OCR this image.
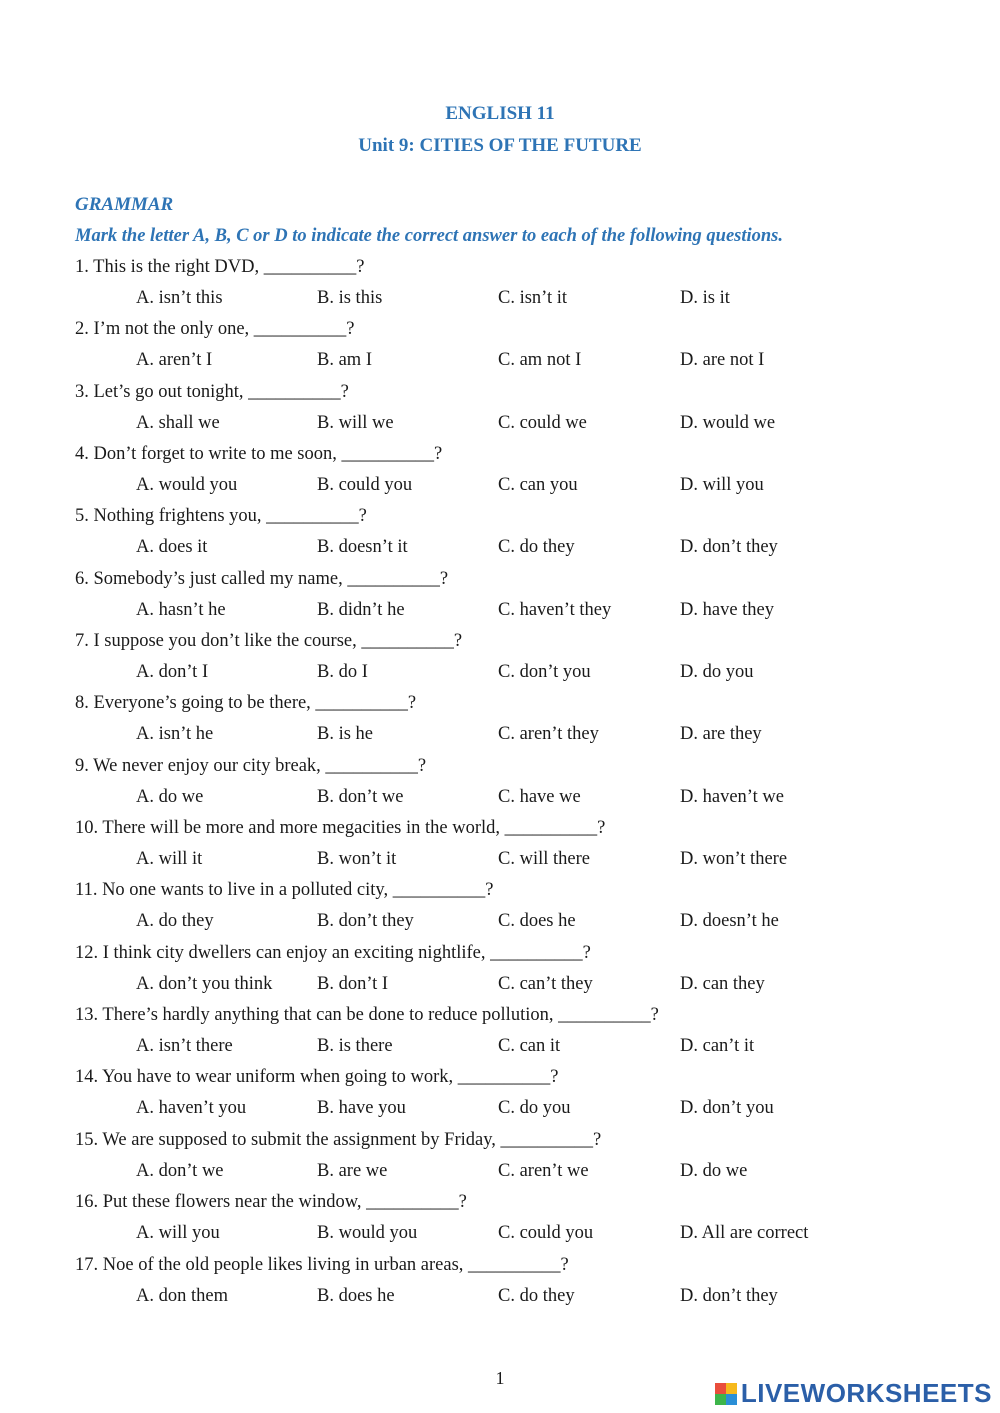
ENGLISH 11
Unit 9: CITIES OF THE FUTURE
GRAMMAR
Mark the letter A, B, C or D to indicate the correct answer to each of the following questions.
1. This is the right DVD, __________?
A. isn’t this	B. is this	C. isn’t it	D. is it
2. I’m not the only one, __________?
A. aren’t I	B. am I	C. am not I	D. are not I
3. Let’s go out tonight, __________?
A. shall we	B. will we	C. could we	D. would we
4. Don’t forget to write to me soon, __________?
A. would you	B. could you	C. can you	D. will you
5. Nothing frightens you, __________?
A. does it	B. doesn’t it	C. do they	D. don’t they
6. Somebody’s just called my name, __________?
A. hasn’t he	B. didn’t he	C. haven’t they	D. have they
7. I suppose you don’t like the course, __________?
A. don’t I	B. do I	C. don’t you	D. do you
8. Everyone’s going to be there, __________?
A. isn’t he	B. is he	C. aren’t they	D. are they
9. We never enjoy our city break, __________?
A. do we	B. don’t we	C. have we	D. haven’t we
10. There will be more and more megacities in the world, __________?
A. will it	B. won’t it	C. will there	D. won’t there
11. No one wants to live in a polluted city, __________?
A. do they	B. don’t they	C. does he	D. doesn’t he
12. I think city dwellers can enjoy an exciting nightlife, __________?
A. don’t you think B. don’t I	C. can’t they	D. can they
13. There’s hardly anything that can be done to reduce pollution, __________?
A. isn’t there	B. is there	C. can it	D. can’t it
14. You have to wear uniform when going to work, __________?
A. haven’t you	B. have you	C. do you	D. don’t you
15. We are supposed to submit the assignment by Friday, __________?
A. don’t we	B. are we	C. aren’t we	D. do we
16. Put these flowers near the window, __________?
A. will you	B. would you	C. could you	D. All are correct
17. Noe of the old people likes living in urban areas, __________?
A. don them	B. does he	C. do they	D. don’t they
1	LIVEWORKSHEETS
